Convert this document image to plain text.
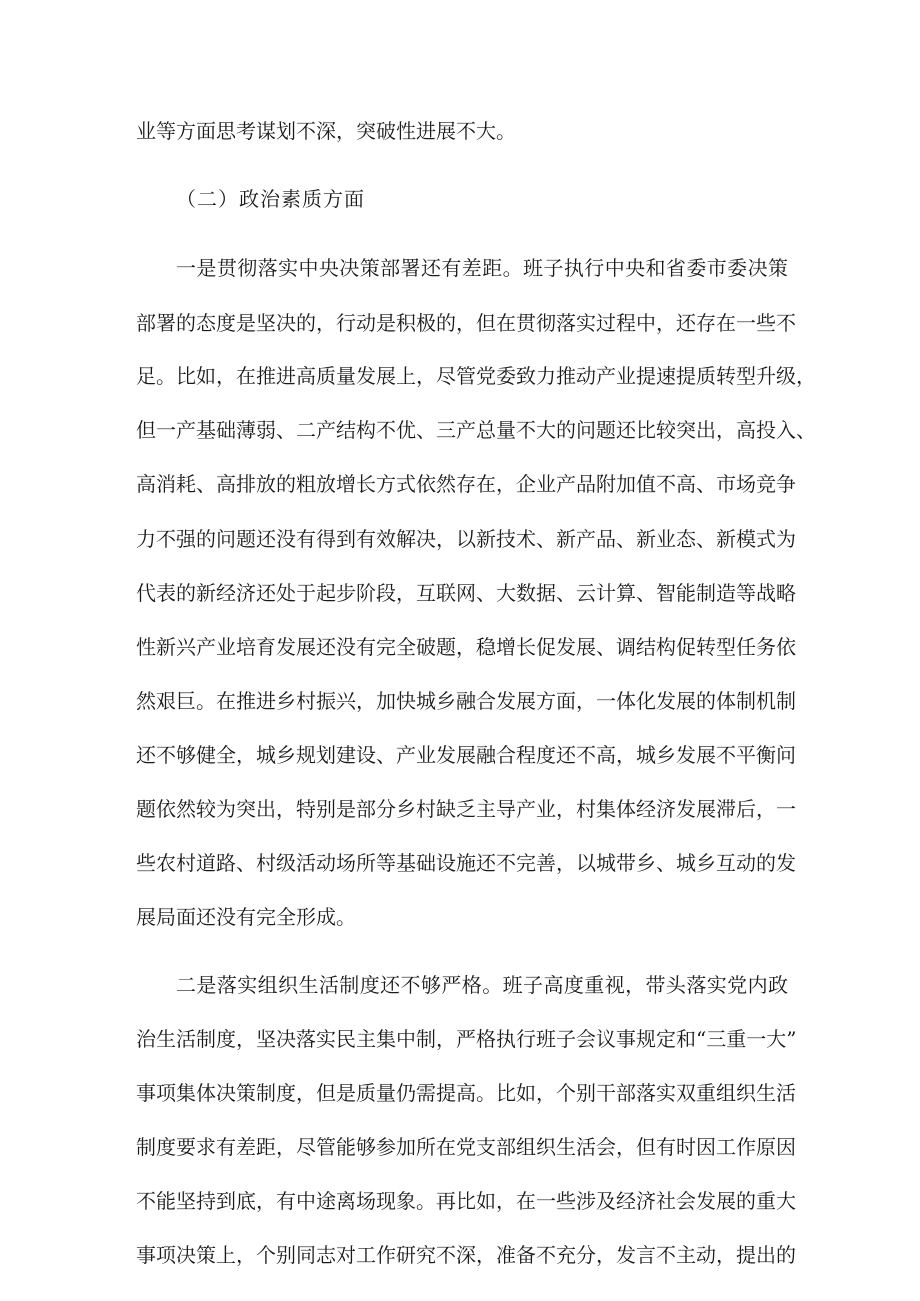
业等方面思考谋划不深，突破性进展不大。
（二）政治素质方面
一是贯彻落实中央决策部署还有差距。班子执行中央和省委市委决策
部署的态度是坚决的，行动是积极的，但在贯彻落实过程中，还存在一些不
足。比如，在推进高质量发展上，尽管党委致力推动产业提速提质转型升级，
但一产基础薄弱、二产结构不优、三产总量不大的问题还比较突出，高投入、
高消耗、高排放的粗放增长方式依然存在，企业产品附加值不高、市场竞争
力不强的问题还没有得到有效解决，以新技术、新产品、新业态、新模式为
代表的新经济还处于起步阶段，互联网、大数据、云计算、智能制造等战略
性新兴产业培育发展还没有完全破题，稳增长促发展、调结构促转型任务依
然艰巨。在推进乡村振兴，加快城乡融合发展方面，一体化发展的体制机制
还不够健全，城乡规划建设、产业发展融合程度还不高，城乡发展不平衡问
题依然较为突出，特别是部分乡村缺乏主导产业，村集体经济发展滞后，一
些农村道路、村级活动场所等基础设施还不完善，以城带乡、城乡互动的发
展局面还没有完全形成。
二是落实组织生活制度还不够严格。班子高度重视，带头落实党内政
治生活制度，坚决落实民主集中制，严格执行班子会议事规定和“三重一大”
事项集体决策制度，但是质量仍需提高。比如，个别干部落实双重组织生活
制度要求有差距，尽管能够参加所在党支部组织生活会，但有时因工作原因
不能坚持到底，有中途离场现象。再比如，在一些涉及经济社会发展的重大
事项决策上，个别同志对工作研究不深，准备不充分，发言不主动，提出的
